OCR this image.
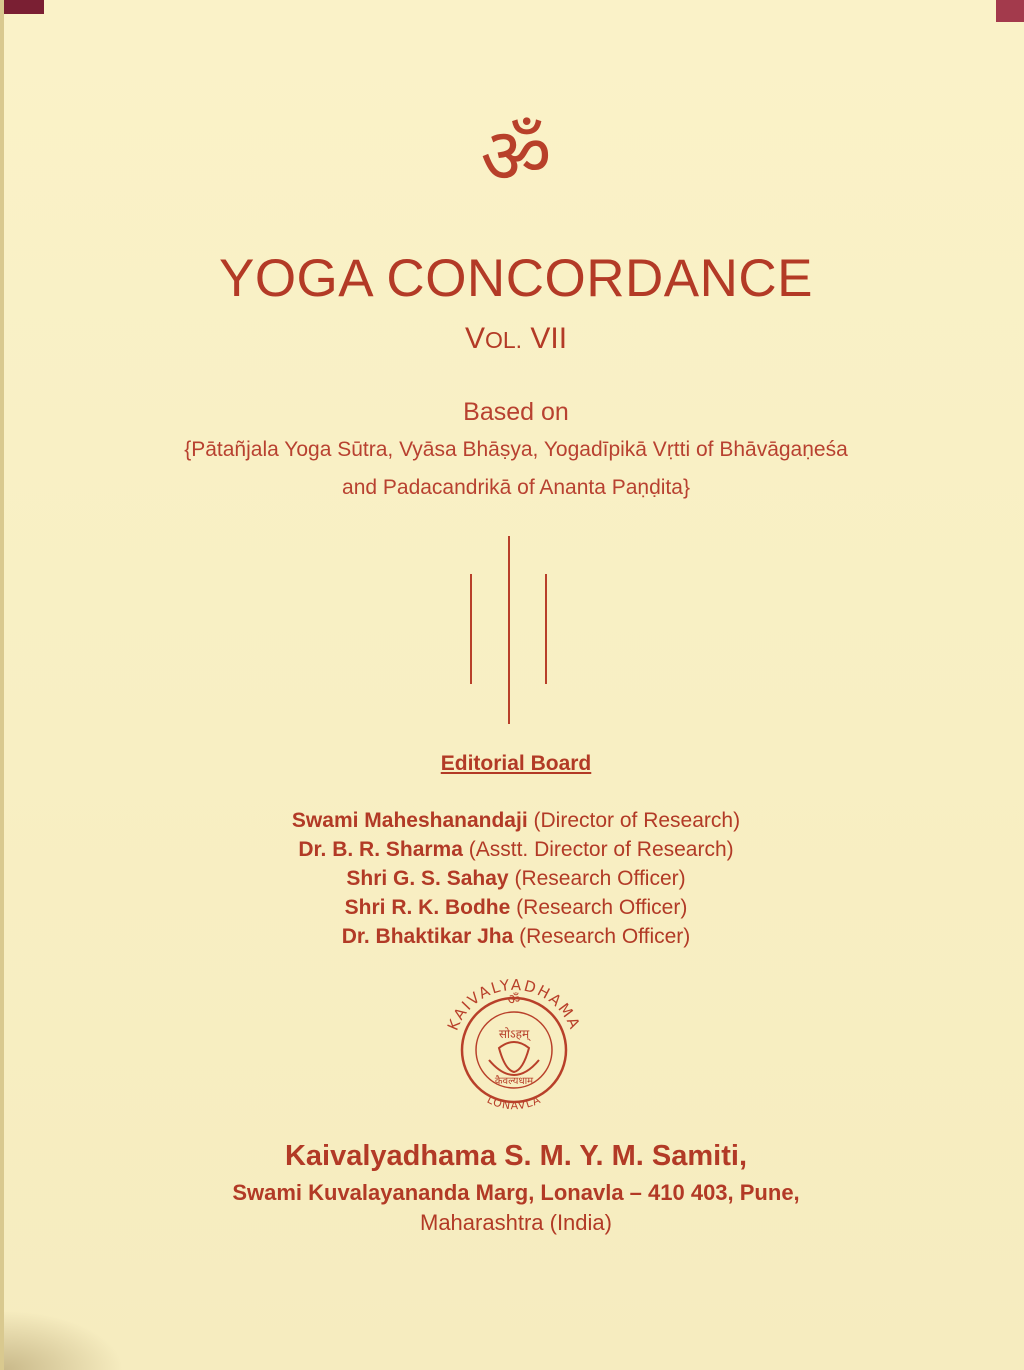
ॐ
YOGA CONCORDANCE
VOL. VII
Based on
{Pātañjala Yoga Sūtra, Vyāsa Bhāṣya, Yogadīpikā Vṛtti of Bhāvāgaṇeśa
and Padacandrikā of Ananta Paṇḍita}
Editorial Board
Swami Maheshanandaji (Director of Research)
Dr. B. R. Sharma (Asstt. Director of Research)
Shri G. S. Sahay (Research Officer)
Shri R. K. Bodhe (Research Officer)
Dr. Bhaktikar Jha (Research Officer)
KAIVALYADHAMA
LONAVLA
ॐ
सोऽहम्
कैवल्यधाम
Kaivalyadhama S. M. Y. M. Samiti,
Swami Kuvalayananda Marg, Lonavla – 410 403, Pune,
Maharashtra (India)
